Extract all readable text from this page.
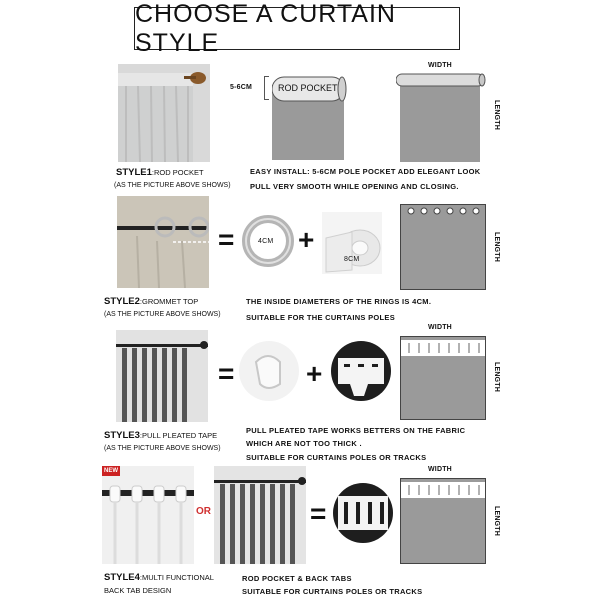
CHOOSE A CURTAIN STYLE
5-6CM	ROD POCKET
WIDTH
LENGTH
STYLE1:ROD POCKET
(AS THE PICTURE ABOVE SHOWS)
EASY INSTALL: 5-6CM POLE POCKET ADD ELEGANT LOOK
PULL VERY SMOOTH WHILE OPENING AND CLOSING.
=	4CM +
8CM	LENGTH
STYLE2:GROMMET TOP
(AS THE PICTURE ABOVE SHOWS)
THE INSIDE DIAMETERS OF THE RINGS IS 4CM.
SUITABLE FOR THE CURTAINS POLES
=	+
WIDTH
LENGTH
STYLE3:PULL PLEATED TAPE
(AS THE PICTURE ABOVE SHOWS)
PULL PLEATED TAPE WORKS BETTERS ON THE FABRIC
WHICH ARE NOT TOO THICK .
SUITABLE FOR CURTAINS POLES OR TRACKS
NEW
OR	=
WIDTH
LENGTH
STYLE4:MULTI FUNCTIONAL
BACK TAB DESIGN
ROD POCKET & BACK TABS
SUITABLE FOR CURTAINS POLES OR TRACKS
